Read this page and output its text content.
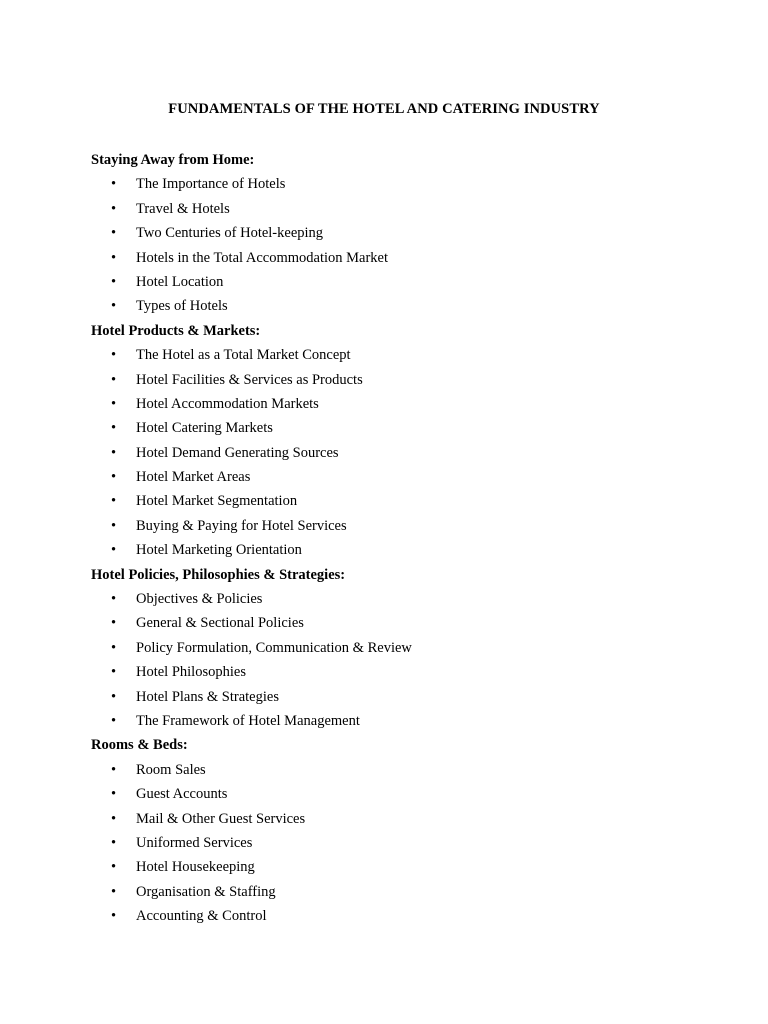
FUNDAMENTALS OF THE HOTEL AND CATERING INDUSTRY
Staying Away from Home:
• The Importance of Hotels
• Travel & Hotels
• Two Centuries of Hotel-keeping
• Hotels in the Total Accommodation Market
• Hotel Location
• Types of Hotels
Hotel Products & Markets:
• The Hotel as a Total Market Concept
• Hotel Facilities & Services as Products
• Hotel Accommodation Markets
• Hotel Catering Markets
• Hotel Demand Generating Sources
• Hotel Market Areas
• Hotel Market Segmentation
• Buying & Paying for Hotel Services
• Hotel Marketing Orientation
Hotel Policies, Philosophies & Strategies:
• Objectives & Policies
• General & Sectional Policies
• Policy Formulation, Communication & Review
• Hotel Philosophies
• Hotel Plans & Strategies
• The Framework of Hotel Management
Rooms & Beds:
• Room Sales
• Guest Accounts
• Mail & Other Guest Services
• Uniformed Services
• Hotel Housekeeping
• Organisation & Staffing
• Accounting & Control
